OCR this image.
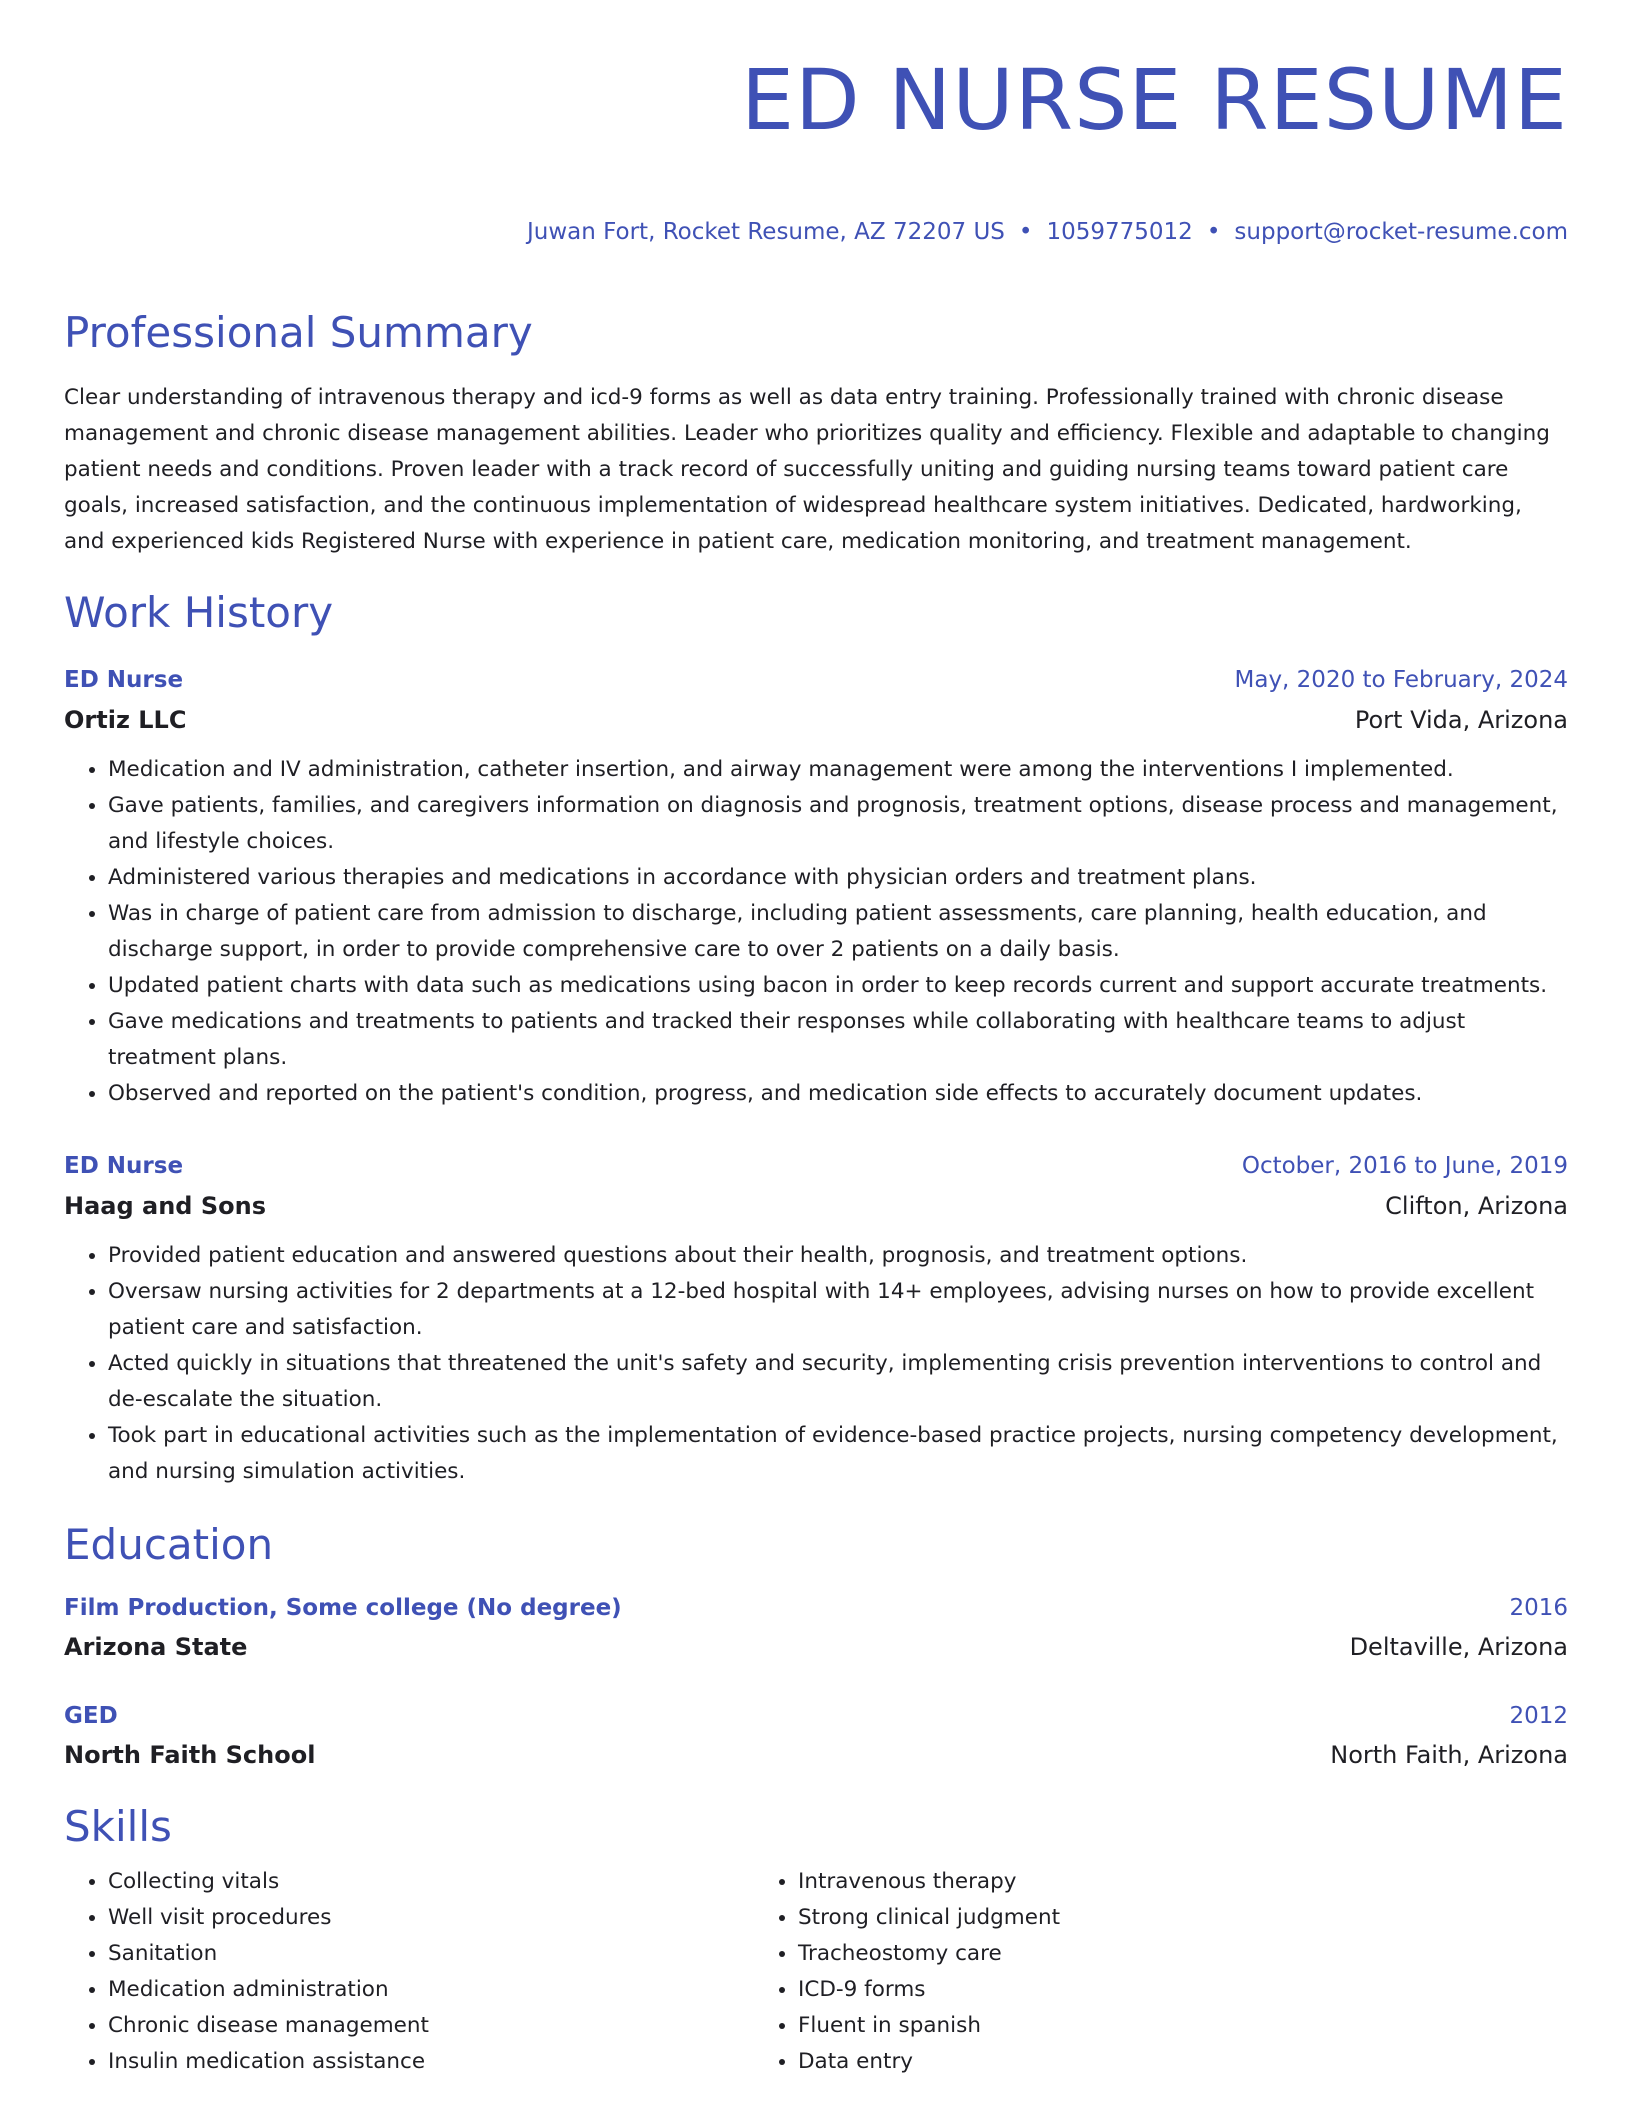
ED NURSE RESUME
Juwan Fort, Rocket Resume, AZ 72207 US • 1059775012 • support@rocket-resume.com
Professional Summary

Clear understanding of intravenous therapy and icd-9 forms as well as data entry training. Professionally trained with chronic disease management and chronic disease management abilities. Leader who prioritizes quality and efficiency. Flexible and adaptable to changing patient needs and conditions. Proven leader with a track record of successfully uniting and guiding nursing teams toward patient care goals, increased satisfaction, and the continuous implementation of widespread healthcare system initiatives. Dedicated, hardworking, and experienced kids Registered Nurse with experience in patient care, medication monitoring, and treatment management.

Work History
ED Nurse	May, 2020 to February, 2024
Ortiz LLC	Port Vida, Arizona
• Medication and IV administration, catheter insertion, and airway management were among the interventions I implemented.
• Gave patients, families, and caregivers information on diagnosis and prognosis, treatment options, disease process and management, and lifestyle choices.
• Administered various therapies and medications in accordance with physician orders and treatment plans.
• Was in charge of patient care from admission to discharge, including patient assessments, care planning, health education, and discharge support, in order to provide comprehensive care to over 2 patients on a daily basis.
• Updated patient charts with data such as medications using bacon in order to keep records current and support accurate treatments.
• Gave medications and treatments to patients and tracked their responses while collaborating with healthcare teams to adjust treatment plans.
• Observed and reported on the patient's condition, progress, and medication side effects to accurately document updates.
ED Nurse	October, 2016 to June, 2019
Haag and Sons	Clifton, Arizona
• Provided patient education and answered questions about their health, prognosis, and treatment options.
• Oversaw nursing activities for 2 departments at a 12-bed hospital with 14+ employees, advising nurses on how to provide excellent patient care and satisfaction.
• Acted quickly in situations that threatened the unit's safety and security, implementing crisis prevention interventions to control and de-escalate the situation.
• Took part in educational activities such as the implementation of evidence-based practice projects, nursing competency development, and nursing simulation activities.
Education
Film Production, Some college (No degree)	2016
Arizona State	Deltaville, Arizona
GED	2012
North Faith School	North Faith, Arizona
Skills
• Collecting vitals
• Well visit procedures
• Sanitation
• Medication administration
• Chronic disease management
• Insulin medication assistance
• Intravenous therapy
• Strong clinical judgment
• Tracheostomy care
• ICD-9 forms
• Fluent in spanish
• Data entry
